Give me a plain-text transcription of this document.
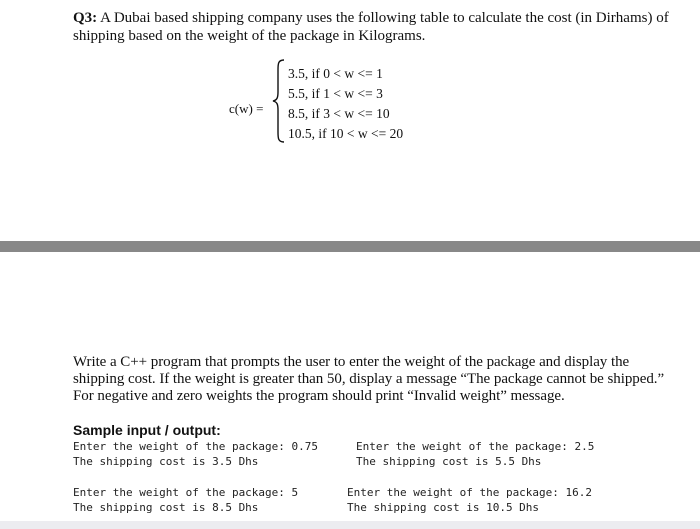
Q3: A Dubai based shipping company uses the following table to calculate the cost (in Dirhams) of shipping based on the weight of the package in Kilograms.

c(w) =
3.5, if 0 < w <= 1
5.5, if 1 < w <= 3
8.5, if 3 < w <= 10
10.5, if 10 < w <= 20

Write a C++ program that prompts the user to enter the weight of the package and display the shipping cost. If the weight is greater than 50, display a message “The package cannot be shipped.” For negative and zero weights the program should print “Invalid weight” message.

Sample input / output:
Enter the weight of the package: 0.75
The shipping cost is 3.5 Dhs
Enter the weight of the package: 2.5
The shipping cost is 5.5 Dhs
Enter the weight of the package: 5
The shipping cost is 8.5 Dhs
Enter the weight of the package: 16.2
The shipping cost is 10.5 Dhs
